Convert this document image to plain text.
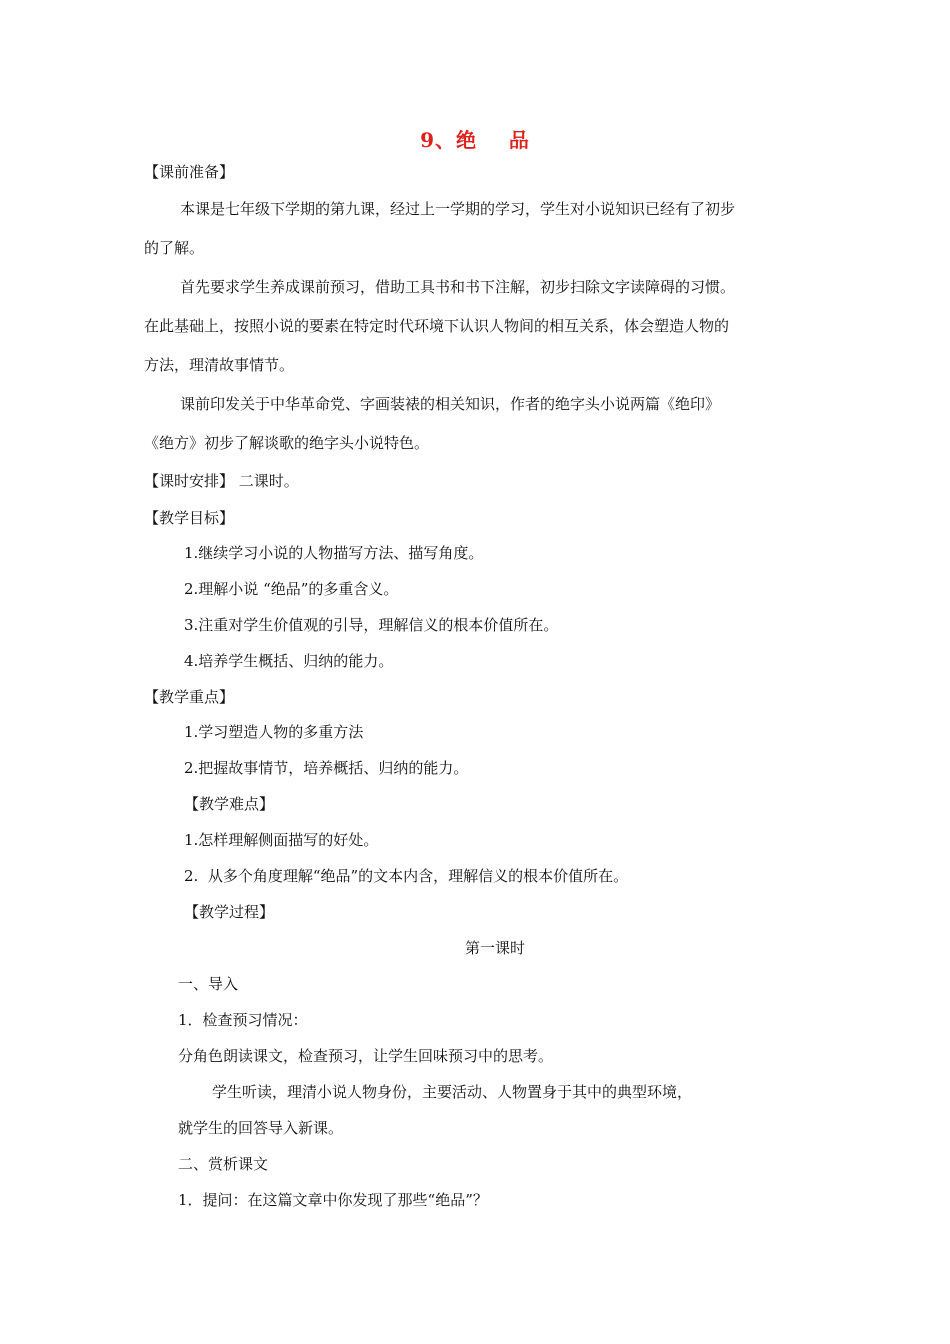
9、绝    品
【课前准备】
本课是七年级下学期的第九课，经过上一学期的学习，学生对小说知识已经有了初步
的了解。
首先要求学生养成课前预习，借助工具书和书下注解，初步扫除文字读障碍的习惯。
在此基础上，按照小说的要素在特定时代环境下认识人物间的相互关系，体会塑造人物的
方法，理清故事情节。
课前印发关于中华革命党、字画装裱的相关知识，作者的绝字头小说两篇《绝印》
《绝方》初步了解谈歌的绝字头小说特色。
【课时安排】 二课时。
【教学目标】
1.继续学习小说的人物描写方法、描写角度。
2.理解小说 “绝品”的多重含义。
3.注重对学生价值观的引导，理解信义的根本价值所在。
4.培养学生概括、归纳的能力。
【教学重点】
1.学习塑造人物的多重方法
2.把握故事情节，培养概括、归纳的能力。
【教学难点】
1.怎样理解侧面描写的好处。
2.  从多个角度理解“绝品”的文本内含，理解信义的根本价值所在。
【教学过程】
第一课时
一、导入
1．检查预习情况：
分角色朗读课文，检查预习，让学生回味预习中的思考。
学生听读，理清小说人物身份，主要活动、人物置身于其中的典型环境，
就学生的回答导入新课。
二、赏析课文
1．提问：在这篇文章中你发现了那些“绝品”？
